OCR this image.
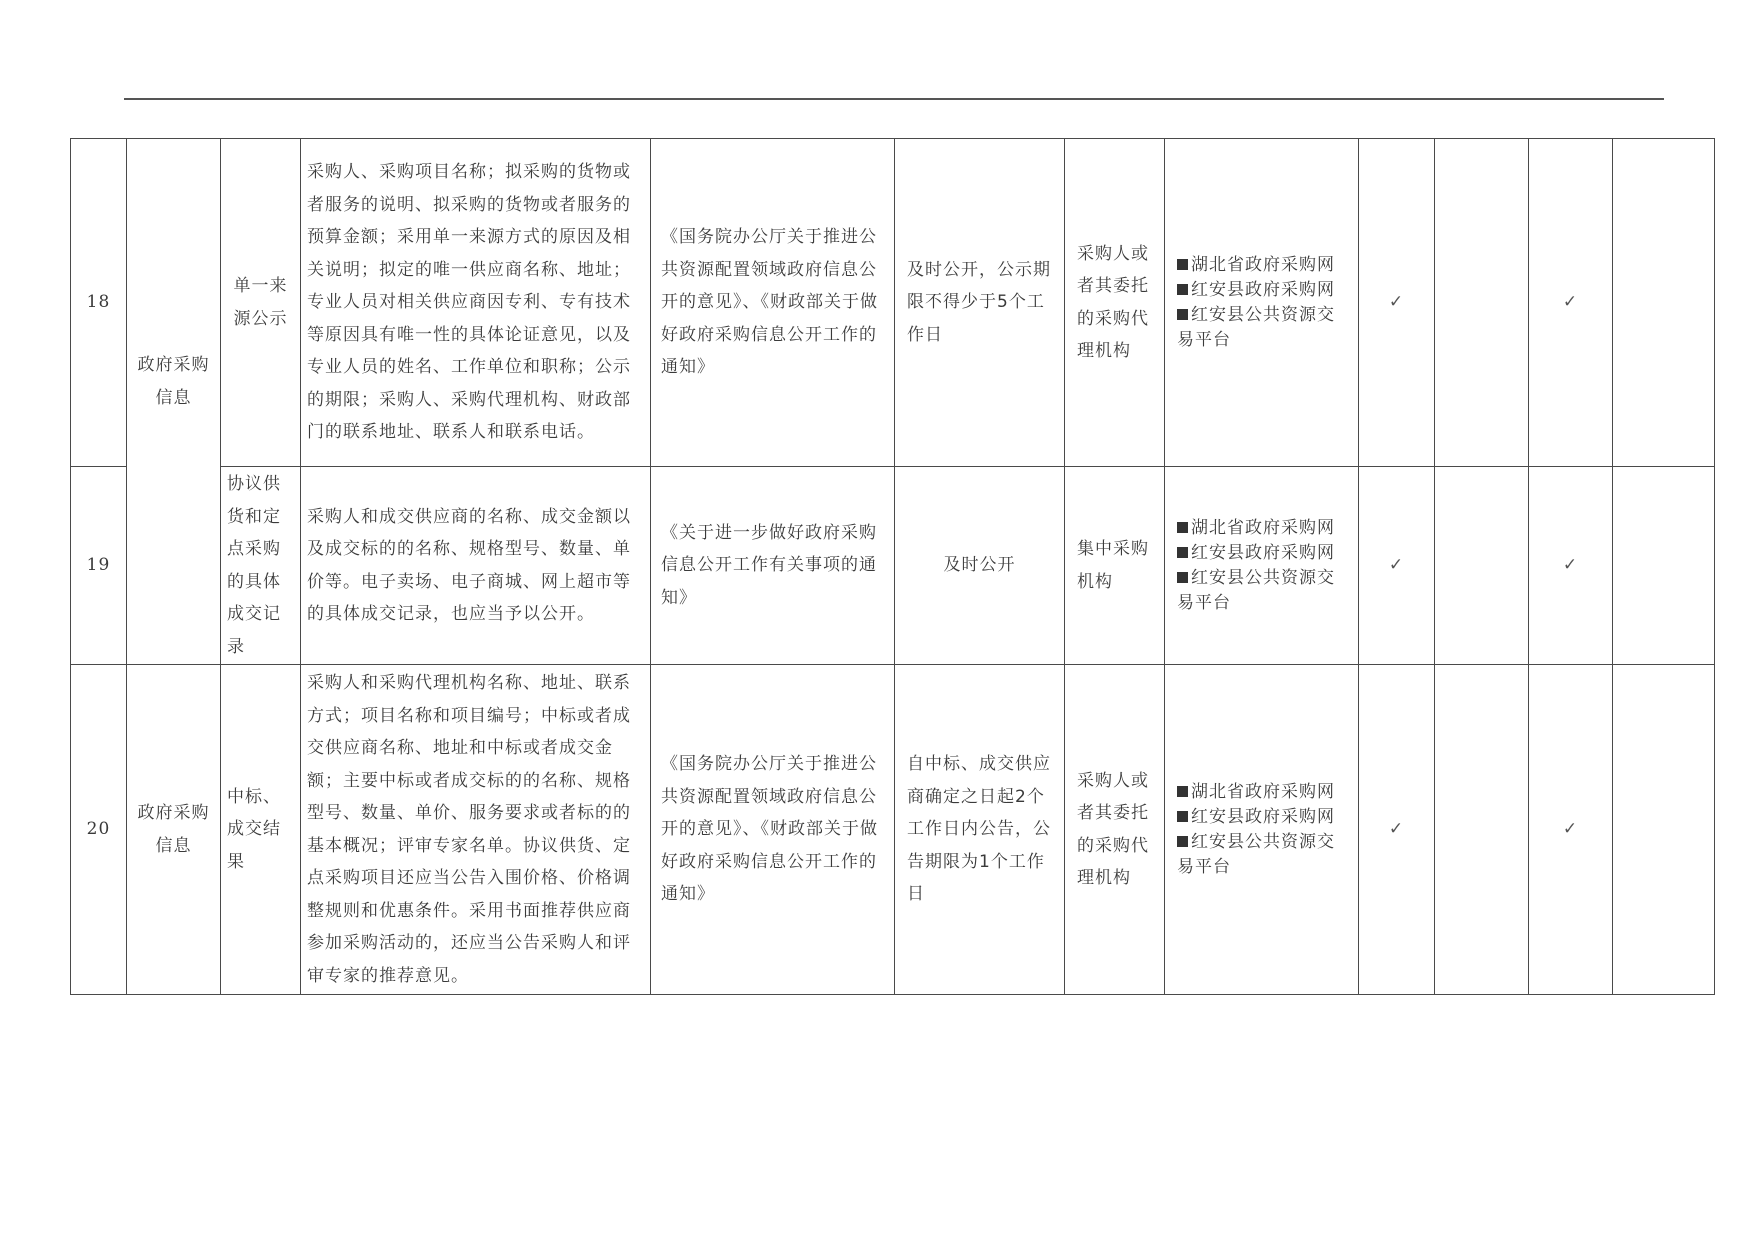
18	政府采购信息	单一来源公示	采购人、采购项目名称；拟采购的货物或者服务的说明、拟采购的货物或者服务的预算金额；采用单一来源方式的原因及相关说明；拟定的唯一供应商名称、地址；专业人员对相关供应商因专利、专有技术等原因具有唯一性的具体论证意见，以及专业人员的姓名、工作单位和职称；公示的期限；采购人、采购代理机构、财政部门的联系地址、联系人和联系电话。	《国务院办公厅关于推进公共资源配置领域政府信息公开的意见》、《财政部关于做好政府采购信息公开工作的通知》	及时公开，公示期限不得少于5个工作日	采购人或者其委托的采购代理机构	湖北省政府采购网
红安县政府采购网
红安县公共资源交易平台	✓		✓	
19		协议供货和定点采购的具体成交记录	采购人和成交供应商的名称、成交金额以及成交标的的名称、规格型号、数量、单价等。电子卖场、电子商城、网上超市等的具体成交记录，也应当予以公开。	《关于进一步做好政府采购信息公开工作有关事项的通知》	及时公开	集中采购机构	湖北省政府采购网
红安县政府采购网
红安县公共资源交易平台	✓		✓	
20	政府采购信息	中标、成交结果	采购人和采购代理机构名称、地址、联系方式；项目名称和项目编号；中标或者成交供应商名称、地址和中标或者成交金额；主要中标或者成交标的的名称、规格型号、数量、单价、服务要求或者标的的基本概况；评审专家名单。协议供货、定点采购项目还应当公告入围价格、价格调整规则和优惠条件。采用书面推荐供应商参加采购活动的，还应当公告采购人和评审专家的推荐意见。	《国务院办公厅关于推进公共资源配置领域政府信息公开的意见》、《财政部关于做好政府采购信息公开工作的通知》	自中标、成交供应商确定之日起2个工作日内公告，公告期限为1个工作日	采购人或者其委托的采购代理机构	湖北省政府采购网
红安县政府采购网
红安县公共资源交易平台	✓		✓	
